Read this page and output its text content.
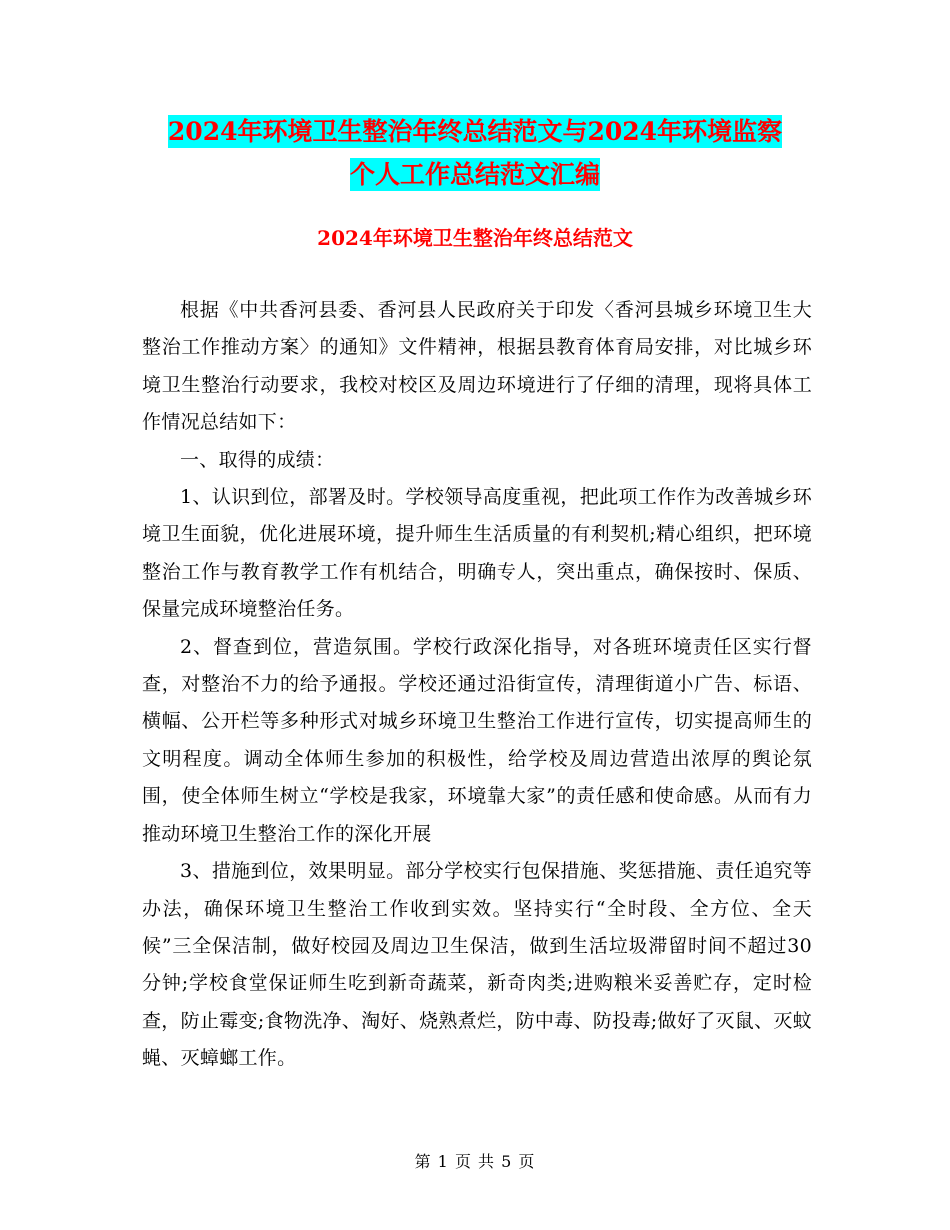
2024年环境卫生整治年终总结范文与2024年环境监察
个人工作总结范文汇编
2024年环境卫生整治年终总结范文

根据《中共香河县委、香河县人民政府关于印发〈香河县城乡环境卫生大整治工作推动方案〉的通知》文件精神，根据县教育体育局安排，对比城乡环境卫生整治行动要求，我校对校区及周边环境进行了仔细的清理，现将具体工作情况总结如下：

一、取得的成绩：

1、认识到位，部署及时。学校领导高度重视，把此项工作作为改善城乡环境卫生面貌，优化进展环境，提升师生生活质量的有利契机;精心组织，把环境整治工作与教育教学工作有机结合，明确专人，突出重点，确保按时、保质、保量完成环境整治任务。

2、督查到位，营造氛围。学校行政深化指导，对各班环境责任区实行督查，对整治不力的给予通报。学校还通过沿街宣传，清理街道小广告、标语、横幅、公开栏等多种形式对城乡环境卫生整治工作进行宣传，切实提高师生的文明程度。调动全体师生参加的积极性，给学校及周边营造出浓厚的舆论氛围，使全体师生树立“学校是我家，环境靠大家”的责任感和使命感。从而有力推动环境卫生整治工作的深化开展

3、措施到位，效果明显。部分学校实行包保措施、奖惩措施、责任追究等办法，确保环境卫生整治工作收到实效。坚持实行“全时段、全方位、全天候”三全保洁制，做好校园及周边卫生保洁，做到生活垃圾滞留时间不超过30分钟;学校食堂保证师生吃到新奇蔬菜，新奇肉类;进购粮米妥善贮存，定时检查，防止霉变;食物洗净、淘好、烧熟煮烂，防中毒、防投毒;做好了灭鼠、灭蚊蝇、灭蟑螂工作。

第 1 页 共 5 页
